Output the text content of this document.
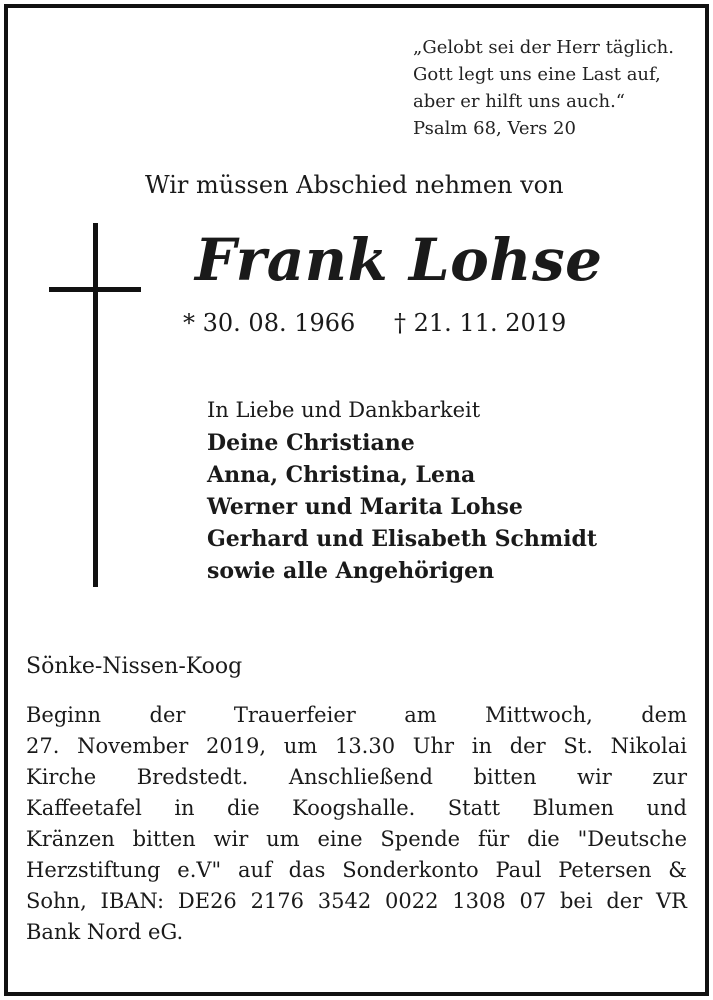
„Gelobt sei der Herr täglich.
Gott legt uns eine Last auf,
aber er hilft uns auch.“
Psalm 68, Vers 20
Wir müssen Abschied nehmen von
Frank Lohse
* 30. 08. 1966 † 21. 11. 2019
In Liebe und Dankbarkeit
Deine Christiane
Anna, Christina, Lena
Werner und Marita Lohse
Gerhard und Elisabeth Schmidt
sowie alle Angehörigen
Sönke-Nissen-Koog
Beginn der Trauerfeier am Mittwoch, dem
27. November 2019, um 13.30 Uhr in der St. Nikolai
Kirche Bredstedt. Anschließend bitten wir zur
Kaffeetafel in die Koogshalle. Statt Blumen und
Kränzen bitten wir um eine Spende für die "Deutsche
Herzstiftung e.V" auf das Sonderkonto Paul Petersen &
Sohn, IBAN: DE26 2176 3542 0022 1308 07 bei der VR
Bank Nord eG.
